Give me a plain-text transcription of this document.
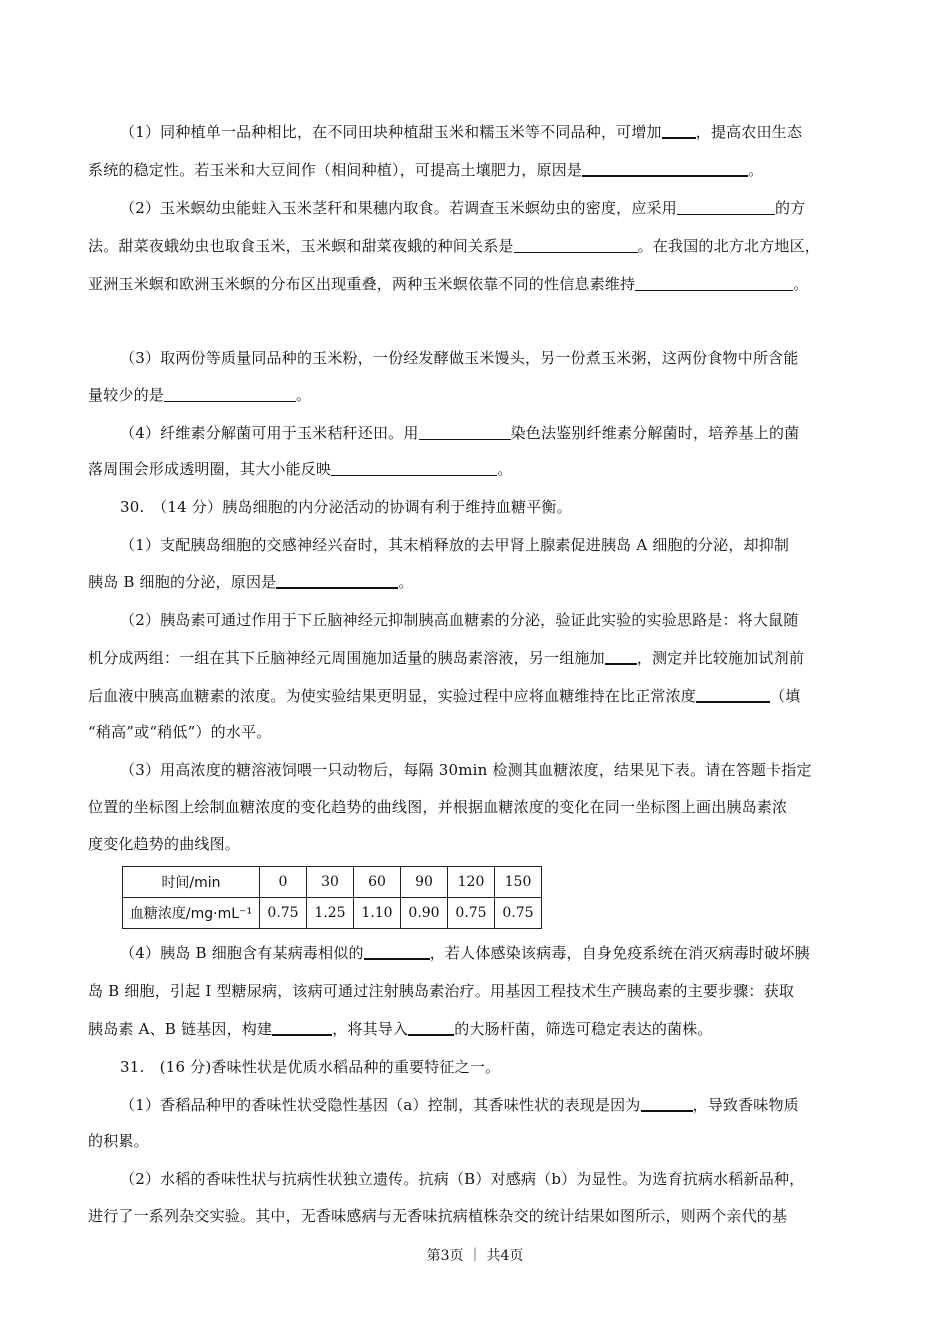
（1）同种植单一品种相比，在不同田块种植甜玉米和糯玉米等不同品种，可增加 ，提高农田生态
系统的稳定性。若玉米和大豆间作（相间种植），可提高土壤肥力，原因是	。
（2）玉米螟幼虫能蛀入玉米茎秆和果穗内取食。若调查玉米螟幼虫的密度，应采用	的方
法。甜菜夜蛾幼虫也取食玉米，玉米螟和甜菜夜蛾的种间关系是	。在我国的北方北方地区，
亚洲玉米螟和欧洲玉米螟的分布区出现重叠，两种玉米螟依靠不同的性信息素维持	。
（3）取两份等质量同品种的玉米粉，一份经发酵做玉米馒头，另一份煮玉米粥，这两份食物中所含能
量较少的是	。
（4）纤维素分解菌可用于玉米秸秆还田。用	染色法鉴别纤维素分解菌时，培养基上的菌
落周围会形成透明圈，其大小能反映	。
30.　（14 分）胰岛细胞的内分泌活动的协调有利于维持血糖平衡。
（1）支配胰岛细胞的交感神经兴奋时，其末梢释放的去甲肾上腺素促进胰岛 A 细胞的分泌，却抑制
胰岛 B 细胞的分泌，原因是	。
（2）胰岛素可通过作用于下丘脑神经元抑制胰高血糖素的分泌，验证此实验的实验思路是：将大鼠随
机分成两组：一组在其下丘脑神经元周围施加适量的胰岛素溶液，另一组施加 ，测定并比较施加试剂前
后血液中胰高血糖素的浓度。为使实验结果更明显，实验过程中应将血糖维持在比正常浓度	（填
“稍高”或“稍低”）的水平。
（3）用高浓度的糖溶液饲喂一只动物后，每隔 30min 检测其血糖浓度，结果见下表。请在答题卡指定
位置的坐标图上绘制血糖浓度的变化趋势的曲线图，并根据血糖浓度的变化在同一坐标图上画出胰岛素浓
度变化趋势的曲线图。
时间/min	0	30	60	90	120	150
血糖浓度/mg·mL⁻¹	0.75	1.25	1.10	0.90	0.75	0.75
（4）胰岛 B 细胞含有某病毒相似的	，若人体感染该病毒，自身免疫系统在消灭病毒时破坏胰
岛 B 细胞，引起 I 型糖尿病，该病可通过注射胰岛素治疗。用基因工程技术生产胰岛素的主要步骤：获取
胰岛素 A、B 链基因，构建	，将其导入	的大肠杆菌，筛选可稳定表达的菌株。
31.　(16 分)香味性状是优质水稻品种的重要特征之一。
（1）香稻品种甲的香味性状受隐性基因（a）控制，其香味性状的表现是因为	，导致香味物质
的积累。
（2）水稻的香味性状与抗病性状独立遗传。抗病（B）对感病（b）为显性。为选育抗病水稻新品种，
进行了一系列杂交实验。其中，无香味感病与无香味抗病植株杂交的统计结果如图所示，则两个亲代的基
第3页 ｜ 共4页
